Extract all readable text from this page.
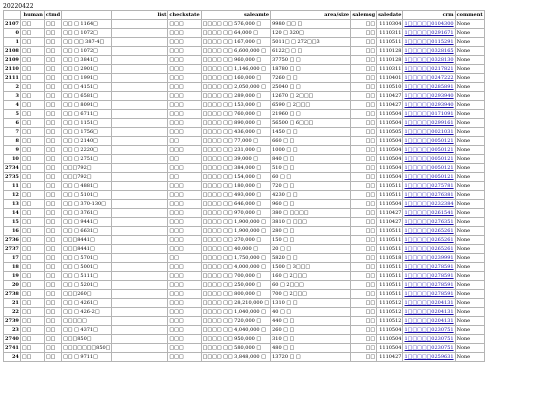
20220422
	human	ctmd		list	checkstate	saleamte	area/size	salemsg	saledate	crm	comment
2107	□□	□□	□□ □ 1164□		□□□	□□□□ □□ 576,000 □	9980 □□ □	□□	1110304	1□□□□□0104300	None
0	□□	□□	□□ □ 1072□		□□□	□□□□ □□ 64,000 □	120 □ 320□	□□	1110311	1□□□□□0291671	None
1	□□	□□	□□ □□ 387-4□		□□□	□□□□ □□ 167,000 □	5011□ □ 272□□3	□□	1110511	1□□□□□0115291	None
2108	□□	□□	□□ □ 1072□		□□□	□□□□ □□ 6,600,000 □	6122□ □ □	□□	1110128	1□□□□□0328165	None
2109	□□	□□	□□ □ 3841□		□□□	□□□□ □□ 960,000 □	37750 □ □	□□	1110128	1□□□□□0328130	None
2110	□□	□□	□□ □ 2901□		□□□	□□□□ □□ 1,146,000 □	18780 □ □	□□	1110311	1□□□□□0217821	None
2111	□□	□□	□□ □ 1991□		□□□	□□□□ □□ 160,000 □	7260 □ □	□□	1110401	1□□□□□0247222	None
2	□□	□□	□□ □ 4151□		□□□	□□□□ □□ 2,050,000 □	25040 □ □	□□	1110510	1□□□□□0285891	None
3	□□	□□	□□ □ 6581□		□□□	□□□□ □□ 289,000 □	12670 □ 2□□□	□□	1110427	1□□□□□0293940	None
4	□□	□□	□□ □ 8091□		□□□	□□□□ □□ 153,000 □	6590 □ 2□□□	□□	1110427	1□□□□□0293940	None
5	□□	□□	□□ □ 6711□		□□□	□□□□ □□ 760,000 □	21960 □ □	□□	1110504	1□□□□□0171091	None
6	□□	□□	□□ □ 1151□		□□□	□□□□ □□ 890,000 □	56500 □ 6□□□	□□	1110504	1□□□□□0299161	None
7	□□	□□	□□ □ 1756□		□□□	□□□□ □□ 436,000 □	1450 □ □	□□	1110505	1□□□□□0021031	None
8	□□	□□	□□ □ 2140□		□□	□□□□ □□ 77,000 □	660 □ □	□□	1110504	1□□□□□0050121	None
9	□□	□□	□□ □ 2220□		□□□	□□□□ □□ 231,000 □	1000 □ □	□□	1110504	1□□□□□0050121	None
10	□□	□□	□□ □ 2751□		□□	□□□□ □□ 39,000 □	840 □ □	□□	1110504	1□□□□□0050121	None
2734	□□	□□	□□□792□		□□□	□□□□ □□ 384,000 □	510 □ □	□□	1110504	1□□□□□0050121	None
2735	□□	□□	□□□792□		□□	□□□□ □□ 154,000 □	60 □ □	□□	1110504	1□□□□□0050121	None
11	□□	□□	□□ □ 4881□		□□□	□□□□ □□ 180,000 □	720 □ □	□□	1110511	1□□□□□0275781	None
12	□□	□□	□□ □ 5101□		□□□	□□□□ □□ 493,000 □	4230 □ □	□□	1110511	1□□□□□0276381	None
13	□□	□□	□□ □ 370-130□		□□□	□□□□ □□ 646,000 □	960 □ □	□□	1110504	1□□□□□0232384	None
14	□□	□□	□□ □ 3761□		□□□	□□□□ □□ 970,000 □	380 □ □□□□	□□	1110427	1□□□□□0261541	None
15	□□	□□	□□ □ 9441□		□□□	□□□□ □□ 1,900,000 □	3810 □ □□□	□□	1110427	1□□□□□0276351	None
16	□□	□□	□□ □ 6631□		□□□	□□□□ □□ 1,900,000 □	280 □ □	□□	1110511	1□□□□□0265261	None
2736	□□	□□	□□□8441□		□□□	□□□□ □□ 270,000 □	150 □ □	□□	1110511	1□□□□□0265261	None
2737	□□	□□	□□□8441□		□□□	□□□□ □□ 40,000 □	20 □ □	□□	1110511	1□□□□□0265261	None
17	□□	□□	□□ □ 5701□		□□	□□□□ □□ 1,750,000 □	5820 □ □	□□	1110518	1□□□□□0239991	None
18	□□	□□	□□ □ 5001□		□□□	□□□□ □□ 4,000,000 □	1500 □ 3□□□	□□	1110511	1□□□□□0278591	None
19	□□	□□	□□ □ 5111□		□□□	□□□□ □□ 700,000 □	160 □ 2□□□	□□	1110511	1□□□□□0278591	None
20	□□	□□	□□ □ 5201□		□□□	□□□□ □□ 250,000 □	60 □ 2□□□	□□	1110511	1□□□□□0278591	None
2738	□□	□□	□□□260□		□□□	□□□□ □□ 800,000 □	700 □ 2□□□	□□	1110511	1□□□□□0278591	None
21	□□	□□	□□ □ 4261□		□□□	□□□□ □□ 28,210,000 □	1310 □ □	□□	1110512	1□□□□□0204131	None
22	□□	□□	□□ □ 426-2□		□□□	□□□□ □□ 1,040,000 □	40 □ □	□□	1110512	1□□□□□0204131	None
2739	□□	□□	□□□□□		□□□	□□□□ □□ 720,000 □	440 □ □	□□	1110512	1□□□□□0204131	None
23	□□	□□	□□ □ 4371□		□□□	□□□□ □□ 4,040,000 □	260 □ □	□□	1110504	1□□□□□0230751	None
2740	□□	□□	□□□850□		□□□	□□□□ □□ 950,000 □	310 □ □	□□	1110504	1□□□□□0230751	None
2741	□□	□□	□□□□□□□850□		□□□	□□□□ □□ 580,000 □	480 □ □	□□	1110504	1□□□□□0230751	None
24	□□	□□	□□ □ 9711□		□□□	□□□□ □□ 3,848,000 □	13720 □ □	□□	1110427	1□□□□□0259631	None
